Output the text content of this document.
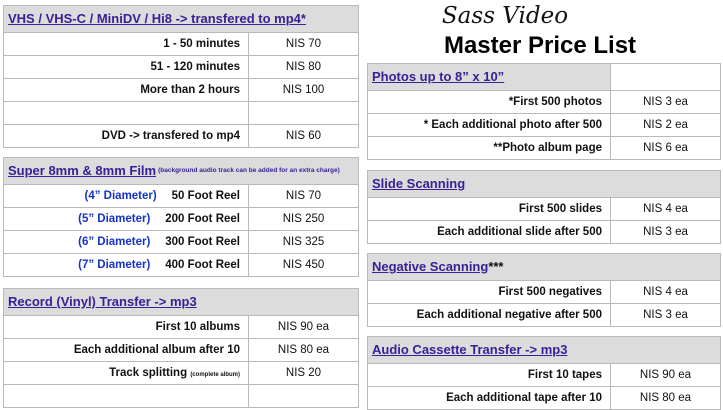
Sass Video
Master Price List
VHS / VHS-C / MiniDV / Hi8 -> transfered to mp4*	
1 - 50 minutes	NIS 70
51 - 120 minutes	NIS 80
More than 2 hours	NIS 100

DVD -> transfered to mp4	NIS 60
Super 8mm & 8mm Film (background audio track can be added for an extra charge)	
(4” Diameter) 50 Foot Reel	NIS 70
(5” Diameter) 200 Foot Reel	NIS 250
(6” Diameter) 300 Foot Reel	NIS 325
(7” Diameter) 400 Foot Reel	NIS 450
Record (Vinyl) Transfer -> mp3	
First 10 albums	NIS 90 ea
Each additional album after 10	NIS 80 ea
Track splitting (complete album)	NIS 20

Photos up to 8” x 10”	
*First 500 photos	NIS 3 ea
* Each additional photo after 500	NIS 2 ea
**Photo album page	NIS 6 ea
Slide Scanning	
First 500 slides	NIS 4 ea
Each additional slide after 500	NIS 3 ea
Negative Scanning***	
First 500 negatives	NIS 4 ea
Each additional negative after 500	NIS 3 ea
Audio Cassette Transfer -> mp3	
First 10 tapes	NIS 90 ea
Each additional tape after 10	NIS 80 ea
